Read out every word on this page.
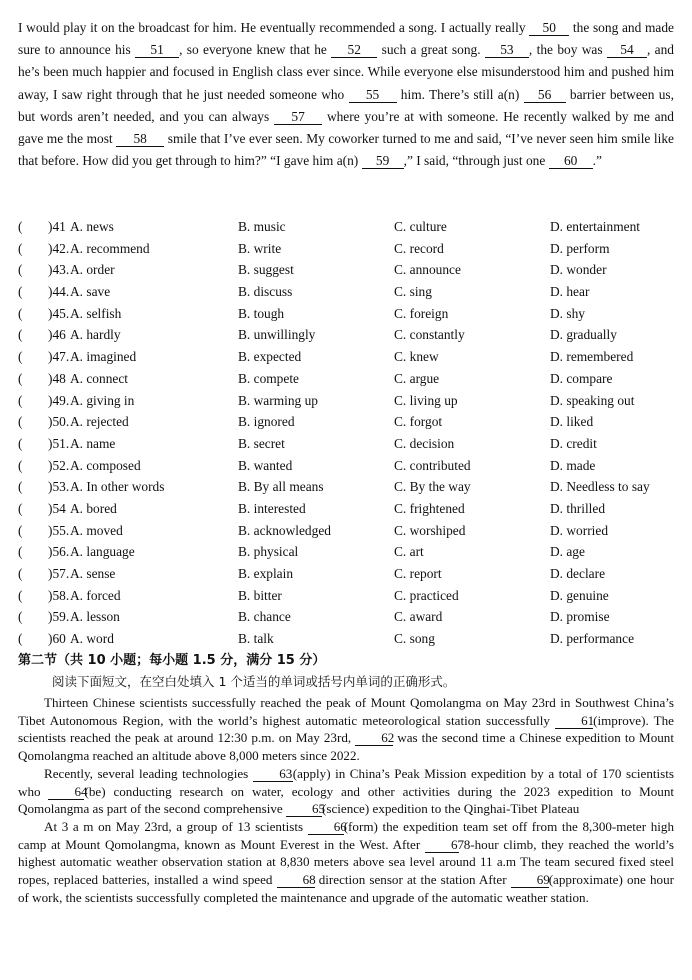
I would play it on the broadcast for him. He eventually recommended a song. I actually really 50 the song and made sure to announce his 51 , so everyone knew that he 52 such a great song. 53 , the boy was 54 , and he’s been much happier and focused in English class ever since. While everyone else misunderstood him and pushed him away, I saw right through that he just needed someone who 55 him. There’s still a(n) 56 barrier between us, but words aren’t needed, and you can always 57 where you’re at with someone. He recently walked by me and gave me the most 58 smile that I’ve ever seen. My coworker turned to me and said, “I’ve never seen him smile like that before. How did you get through to him?” “I gave him a(n) 59 ,” I said, “through just one 60 .”

( )41 A. news	B. music	C. culture	D. entertainment
( )42. A. recommend	B. write	C. record	D. perform
( )43. A. order	B. suggest	C. announce	D. wonder
( )44. A. save	B. discuss	C. sing	D. hear
( )45. A. selfish	B. tough	C. foreign	D. shy
( )46 A. hardly	B. unwillingly	C. constantly	D. gradually
( )47. A. imagined	B. expected	C. knew	D. remembered
( )48 A. connect	B. compete	C. argue	D. compare
( )49. A. giving in	B. warming up	C. living up	D. speaking out
( )50. A. rejected	B. ignored	C. forgot	D. liked
( )51. A. name	B. secret	C. decision	D. credit
( )52. A. composed	B. wanted	C. contributed	D. made
( )53. A. In other words	B. By all means	C. By the way	D. Needless to say
( )54 A. bored	B. interested	C. frightened	D. thrilled
( )55. A. moved	B. acknowledged	C. worshiped	D. worried
( )56. A. language	B. physical	C. art	D. age
( )57. A. sense	B. explain	C. report	D. declare
( )58. A. forced	B. bitter	C. practiced	D. genuine
( )59. A. lesson	B. chance	C. award	D. promise
( )60 A. word	B. talk	C. song	D. performance
第二节（共 10 小题；每小题 1.5 分，满分 15 分）
阅读下面短文，在空白处填入 1 个适当的单词或括号内单词的正确形式。

Thirteen Chinese scientists successfully reached the peak of Mount Qomolangma on May 23rd in Southwest China’s Tibet Autonomous Region, with the world’s highest automatic meteorological station successfully 61(improve). The scientists reached the peak at around 12:30 p.m. on May 23rd, 62 was the second time a Chinese expedition to Mount Qomolangma reached an altitude above 8,000 meters since 2022.

Recently, several leading technologies 63(apply) in China’s Peak Mission expedition by a total of 170 scientists who	64(be) conducting research on water, ecology and other activities during the 2023 expedition to Mount Qomolangma as part of the second comprehensive 65(science) expedition to the Qinghai-Tibet Plateau

At 3 a m on May 23rd, a group of 13 scientists 66(form) the expedition team set off from the 8,300-meter high camp at Mount Qomolangma, known as Mount Everest in the West. After 67 8-hour climb, they reached the world’s highest automatic weather observation station at 8,830 meters above sea level around 11 a.m The team secured fixed steel ropes, replaced batteries, installed a wind speed 68 direction sensor at the station After 69(approximate) one hour of work, the scientists successfully completed the maintenance and upgrade of the automatic weather station.
